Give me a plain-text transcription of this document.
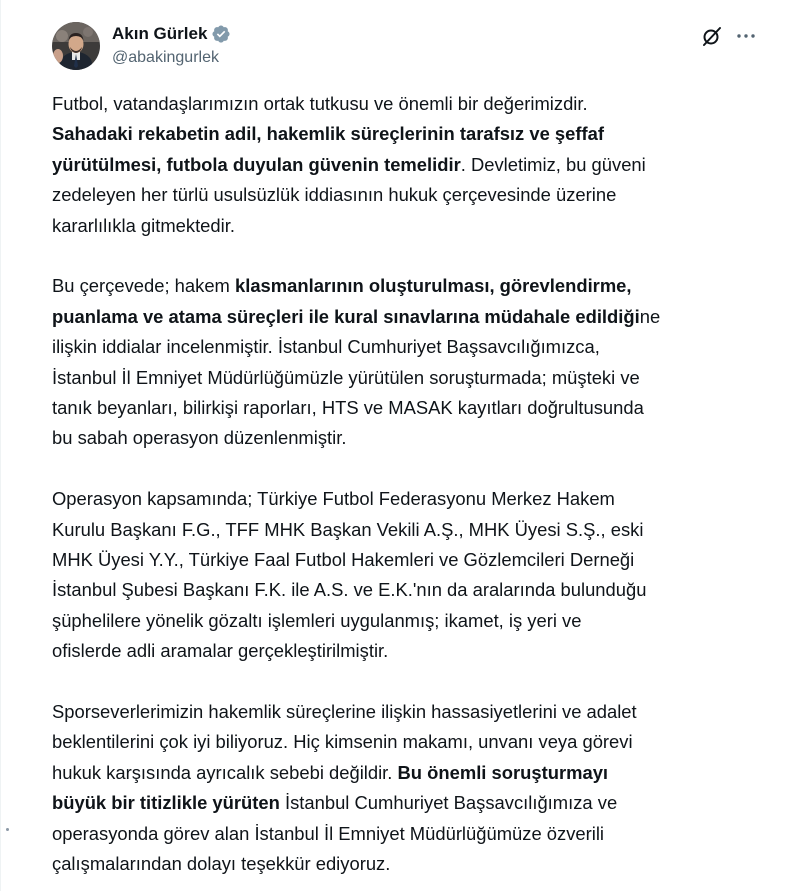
Akın Gürlek
@abakingurlek

Futbol, vatandaşlarımızın ortak tutkusu ve önemli bir değerimizdir.
Sahadaki rekabetin adil, hakemlik süreçlerinin tarafsız ve şeffaf
yürütülmesi, futbola duyulan güvenin temelidir. Devletimiz, bu güveni
zedeleyen her türlü usulsüzlük iddiasının hukuk çerçevesinde üzerine
kararlılıkla gitmektedir.

Bu çerçevede; hakem klasmanlarının oluşturulması, görevlendirme,
puanlama ve atama süreçleri ile kural sınavlarına müdahale edildiğine
ilişkin iddialar incelenmiştir. İstanbul Cumhuriyet Başsavcılığımızca,
İstanbul İl Emniyet Müdürlüğümüzle yürütülen soruşturmada; müşteki ve
tanık beyanları, bilirkişi raporları, HTS ve MASAK kayıtları doğrultusunda
bu sabah operasyon düzenlenmiştir.

Operasyon kapsamında; Türkiye Futbol Federasyonu Merkez Hakem
Kurulu Başkanı F.G., TFF MHK Başkan Vekili A.Ş., MHK Üyesi S.Ş., eski
MHK Üyesi Y.Y., Türkiye Faal Futbol Hakemleri ve Gözlemcileri Derneği
İstanbul Şubesi Başkanı F.K. ile A.S. ve E.K.'nın da aralarında bulunduğu
şüphelilere yönelik gözaltı işlemleri uygulanmış; ikamet, iş yeri ve
ofislerde adli aramalar gerçekleştirilmiştir.

Sporseverlerimizin hakemlik süreçlerine ilişkin hassasiyetlerini ve adalet
beklentilerini çok iyi biliyoruz. Hiç kimsenin makamı, unvanı veya görevi
hukuk karşısında ayrıcalık sebebi değildir. Bu önemli soruşturmayı
büyük bir titizlikle yürüten İstanbul Cumhuriyet Başsavcılığımıza ve
operasyonda görev alan İstanbul İl Emniyet Müdürlüğümüze özverili
çalışmalarından dolayı teşekkür ediyoruz.
